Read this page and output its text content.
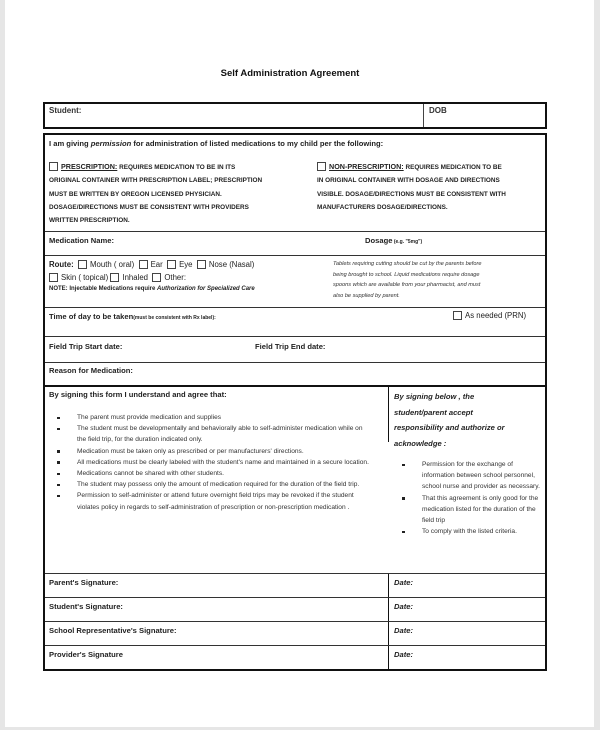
Self Administration Agreement
Student:	DOB
I am giving permission for administration of listed medications to my child per the following:
PRESCRIPTION: REQUIRES MEDICATION TO BE IN ITS
ORIGINAL CONTAINER WITH PRESCRIPTION LABEL; PRESCRIPTION
MUST BE WRITTEN BY OREGON LICENSED PHYSICIAN.
DOSAGE/DIRECTIONS MUST BE CONSISTENT WITH PROVIDERS
WRITTEN PRESCRIPTION.
NON-PRESCRIPTION: REQUIRES MEDICATION TO BE
IN ORIGINAL CONTAINER WITH DOSAGE AND DIRECTIONS
VISIBLE. DOSAGE/DIRECTIONS MUST BE CONSISTENT WITH
MANUFACTURERS DOSAGE/DIRECTIONS.
Medication Name:	Dosage (e.g. "5mg")
Route: Mouth ( oral) Ear Eye Nose (Nasal)
Skin ( topical) Inhaled Other:
NOTE: Injectable Medications require Authorization for Specialized Care
Tablets requiring cutting should be cut by the parents before
being brought to school. Liquid medications require dosage
spoons which are available from your pharmacist, and must
also be supplied by parent.
Time of day to be taken(must be consistent with Rx label):	As needed (PRN)
Field Trip Start date:	Field Trip End date:
Reason for Medication:
By signing this form I understand and agree that:
The parent must provide medication and supplies
The student must be developmentally and behaviorally able to self-administer medication while on the field trip, for the duration indicated only.
Medication must be taken only as prescribed or per manufacturers' directions.
All medications must be clearly labeled with the student's name and maintained in a secure location.
Medications cannot be shared with other students.
The student may possess only the amount of medication required for the duration of the field trip.
Permission to self-administer or attend future overnight field trips may be revoked if the student violates policy in regards to self-administration of prescription or non-prescription medication .
By signing below , the
student/parent accept
responsibility and authorize or
acknowledge :
Permission for the exchange of information between school personnel, school nurse and provider as necessary.
That this agreement is only good for the medication listed for the duration of the field trip
To comply with the listed criteria.
Parent's Signature:	Date:
Student's Signature:	Date:
School Representative's Signature:	Date:
Provider's Signature	Date:
